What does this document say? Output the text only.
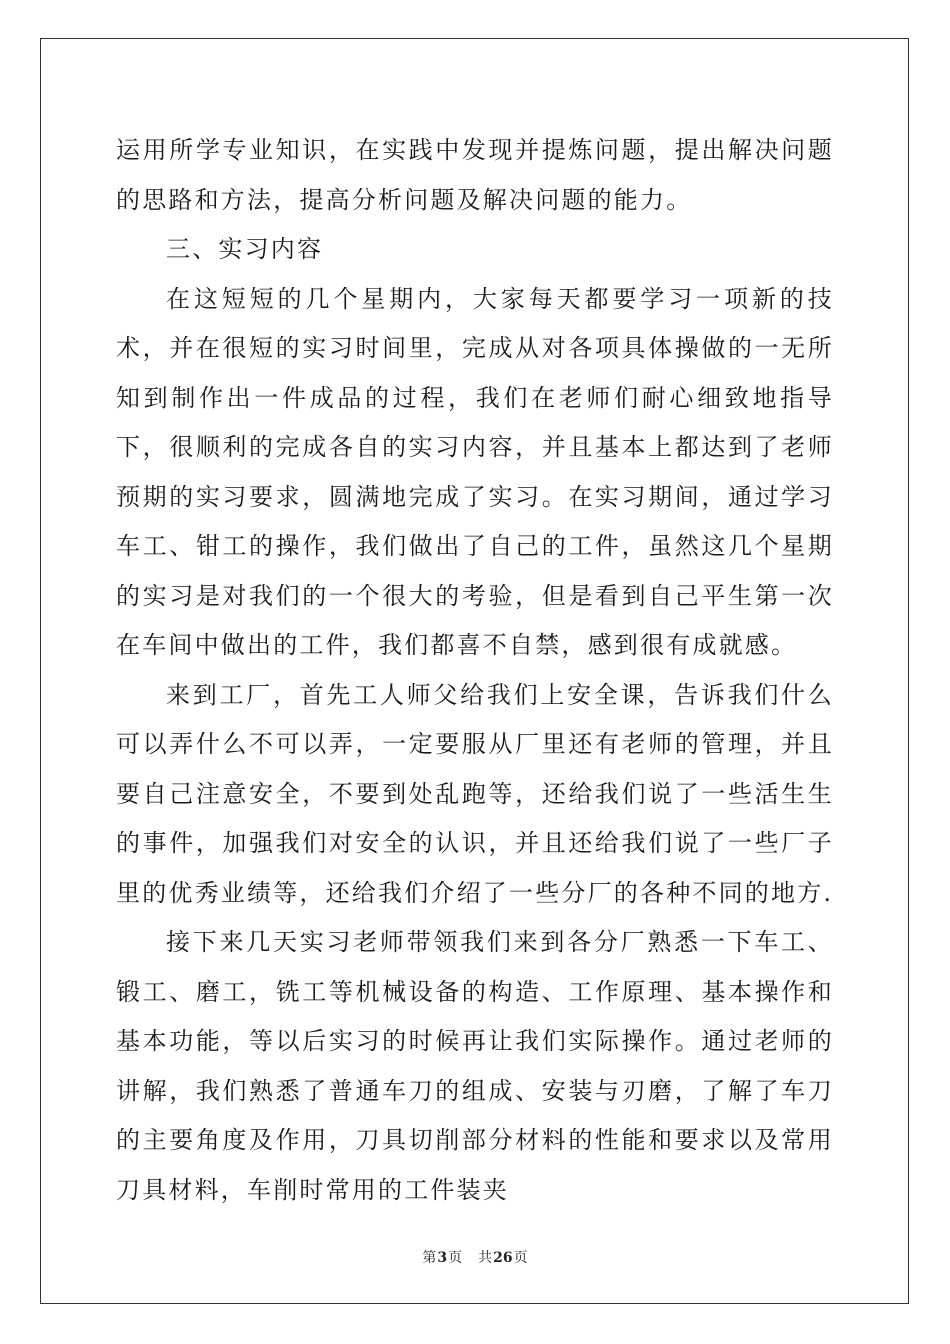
运用所学专业知识，在实践中发现并提炼问题，提出解决问题的思路和方法，提高分析问题及解决问题的能力。

三、实习内容

在这短短的几个星期内，大家每天都要学习一项新的技术，并在很短的实习时间里，完成从对各项具体操做的一无所知到制作出一件成品的过程，我们在老师们耐心细致地指导下，很顺利的完成各自的实习内容，并且基本上都达到了老师预期的实习要求，圆满地完成了实习。在实习期间，通过学习车工、钳工的操作，我们做出了自己的工件，虽然这几个星期的实习是对我们的一个很大的考验，但是看到自己平生第一次在车间中做出的工件，我们都喜不自禁，感到很有成就感。

来到工厂，首先工人师父给我们上安全课，告诉我们什么可以弄什么不可以弄，一定要服从厂里还有老师的管理，并且要自己注意安全，不要到处乱跑等，还给我们说了一些活生生的事件，加强我们对安全的认识，并且还给我们说了一些厂子里的优秀业绩等，还给我们介绍了一些分厂的各种不同的地方.

接下来几天实习老师带领我们来到各分厂熟悉一下车工、锻工、磨工，铣工等机械设备的构造、工作原理、基本操作和基本功能，等以后实习的时候再让我们实际操作。通过老师的讲解，我们熟悉了普通车刀的组成、安装与刃磨，了解了车刀的主要角度及作用，刀具切削部分材料的性能和要求以及常用刀具材料，车削时常用的工件装夹

第3页 共26页
